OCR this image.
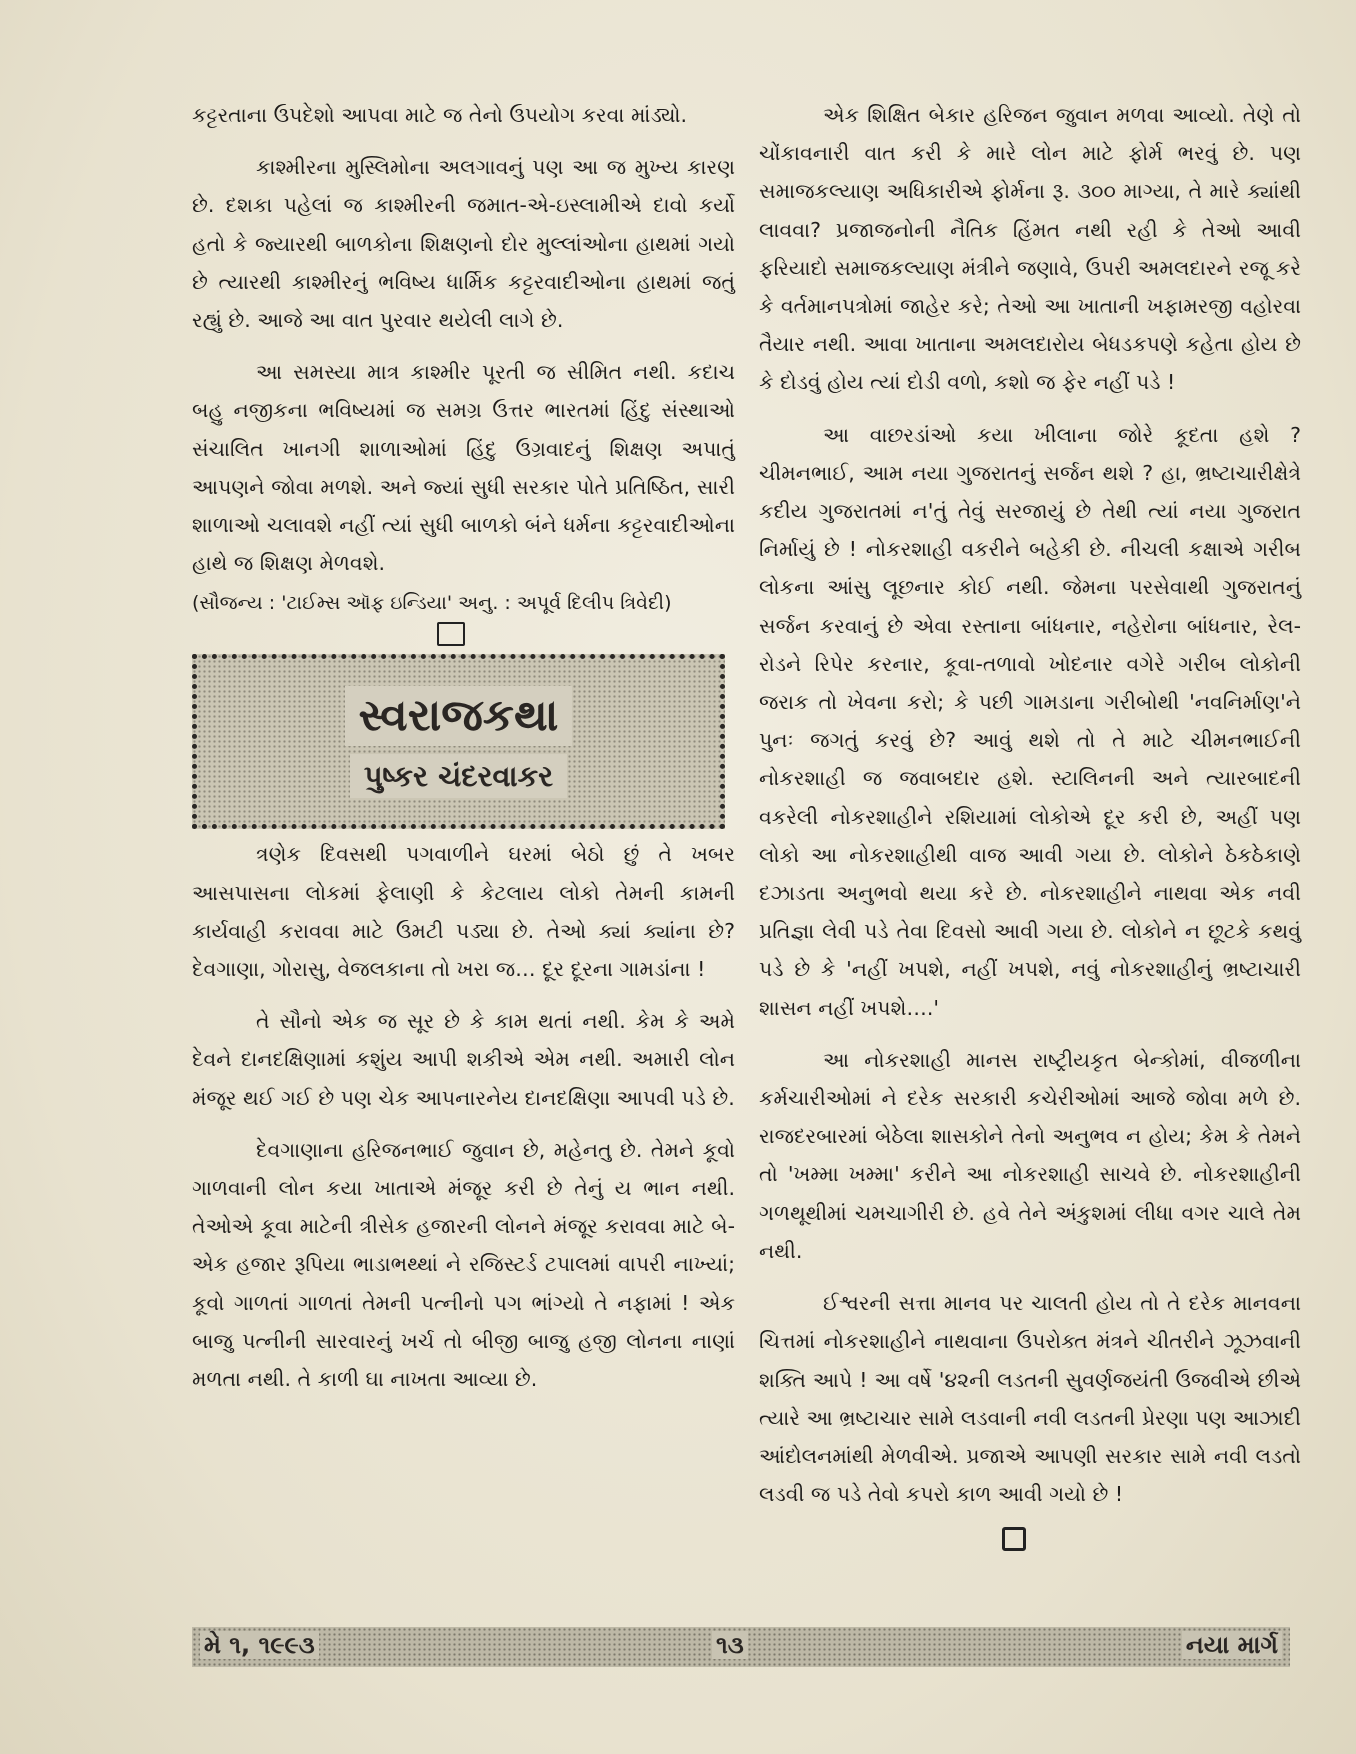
કટ્ટરતાના ઉપદેશો આપવા માટે જ તેનો ઉપયોગ કરવા માંડ્યો.

કાશ્મીરના મુસ્લિમોના અલગાવનું પણ આ જ મુખ્ય કારણ છે. દશકા પહેલાં જ કાશ્મીરની જમાત-એ-ઇસ્લામીએ દાવો કર્યો હતો કે જ્યારથી બાળકોના શિક્ષણનો દોર મુલ્લાંઓના હાથમાં ગયો છે ત્યારથી કાશ્મીરનું ભવિષ્ય ધાર્મિક કટ્ટરવાદીઓના હાથમાં જતું રહ્યું છે. આજે આ વાત પુરવાર થયેલી લાગે છે.

આ સમસ્યા માત્ર કાશ્મીર પૂરતી જ સીમિત નથી. કદાચ બહુ નજીકના ભવિષ્યમાં જ સમગ્ર ઉત્તર ભારતમાં હિંદુ સંસ્થાઓ સંચાલિત ખાનગી શાળાઓમાં હિંદુ ઉગ્રવાદનું શિક્ષણ અપાતું આપણને જોવા મળશે. અને જ્યાં સુધી સરકાર પોતે પ્રતિષ્ઠિત, સારી શાળાઓ ચલાવશે નહીં ત્યાં સુધી બાળકો બંને ધર્મના કટ્ટરવાદીઓના હાથે જ શિક્ષણ મેળવશે.

(સૌજન્ય : 'ટાઈમ્સ ઑફ ઇન્ડિયા' અનુ. : અપૂર્વ દિલીપ ત્રિવેદી)

સ્વરાજકથા
પુષ્કર ચંદરવાકર

ત્રણેક દિવસથી પગવાળીને ઘરમાં બેઠો છું તે ખબર આસપાસના લોકમાં ફેલાણી કે કેટલાય લોકો તેમની કામની કાર્યવાહી કરાવવા માટે ઉમટી પડ્યા છે. તેઓ ક્યાં ક્યાંના છે? દેવગાણા, ગોરાસુ, વેજલકાના તો ખરા જ… દૂર દૂરના ગામડાંના !

તે સૌનો એક જ સૂર છે કે કામ થતાં નથી. કેમ કે અમે દેવને દાનદક્ષિણામાં કશુંય આપી શકીએ એમ નથી. અમારી લોન મંજૂર થઈ ગઈ છે પણ ચેક આપનારનેય દાનદક્ષિણા આપવી પડે છે.

દેવગાણાના હરિજનભાઈ જુવાન છે, મહેનતુ છે. તેમને કૂવો ગાળવાની લોન કયા ખાતાએ મંજૂર કરી છે તેનું ય ભાન નથી. તેઓએ કૂવા માટેની ત્રીસેક હજારની લોનને મંજૂર કરાવવા માટે બે-એક હજાર રૂપિયા ભાડાભથ્થાં ને રજિસ્ટર્ડ ટપાલમાં વાપરી નાખ્યાં; કૂવો ગાળતાં ગાળતાં તેમની પત્નીનો પગ ભાંગ્યો તે નફામાં ! એક બાજુ પત્નીની સારવારનું ખર્ચ તો બીજી બાજુ હજી લોનના નાણાં મળતા નથી. તે કાળી ઘા નાખતા આવ્યા છે.

એક શિક્ષિત બેકાર હરિજન જુવાન મળવા આવ્યો. તેણે તો ચોંકાવનારી વાત કરી કે મારે લોન માટે ફોર્મ ભરવું છે. પણ સમાજકલ્યાણ અધિકારીએ ફોર્મના રૂ. ૩૦૦ માગ્યા, તે મારે ક્યાંથી લાવવા? પ્રજાજનોની નૈતિક હિંમત નથી રહી કે તેઓ આવી ફરિયાદો સમાજકલ્યાણ મંત્રીને જણાવે, ઉપરી અમલદારને રજૂ કરે કે વર્તમાનપત્રોમાં જાહેર કરે; તેઓ આ ખાતાની ખફામરજી વહોરવા તૈયાર નથી. આવા ખાતાના અમલદારોય બેધડકપણે કહેતા હોય છે કે દોડવું હોય ત્યાં દોડી વળો, કશો જ ફેર નહીં પડે !

આ વાછરડાંઓ કયા ખીલાના જોરે કૂદતા હશે ? ચીમનભાઈ, આમ નયા ગુજરાતનું સર્જન થશે ? હા, ભ્રષ્ટાચારીક્ષેત્રે કદીય ગુજરાતમાં ન'તું તેવું સરજાયું છે તેથી ત્યાં નયા ગુજરાત નિર્માયું છે ! નોકરશાહી વકરીને બહેકી છે. નીચલી કક્ષાએ ગરીબ લોકના આંસુ લૂછનાર કોઈ નથી. જેમના પરસેવાથી ગુજરાતનું સર્જન કરવાનું છે એવા રસ્તાના બાંધનાર, નહેરોના બાંધનાર, રેલ-રોડને રિપેર કરનાર, કૂવા-તળાવો ખોદનાર વગેરે ગરીબ લોકોની જરાક તો ખેવના કરો; કે પછી ગામડાના ગરીબોથી 'નવનિર્માણ'ને પુનઃ જગતું કરવું છે? આવું થશે તો તે માટે ચીમનભાઈની નોકરશાહી જ જવાબદાર હશે. સ્ટાલિનની અને ત્યારબાદની વકરેલી નોકરશાહીને રશિયામાં લોકોએ દૂર કરી છે, અહીં પણ લોકો આ નોકરશાહીથી વાજ આવી ગયા છે. લોકોને ઠેકઠેકાણે દઝાડતા અનુભવો થયા કરે છે. નોકરશાહીને નાથવા એક નવી પ્રતિજ્ઞા લેવી પડે તેવા દિવસો આવી ગયા છે. લોકોને ન છૂટકે કથવું પડે છે કે 'નહીં ખપશે, નહીં ખપશે, નવું નોકરશાહીનું ભ્રષ્ટાચારી શાસન નહીં ખપશે….'

આ નોકરશાહી માનસ રાષ્ટ્રીયકૃત બેન્કોમાં, વીજળીના કર્મચારીઓમાં ને દરેક સરકારી કચેરીઓમાં આજે જોવા મળે છે. રાજદરબારમાં બેઠેલા શાસકોને તેનો અનુભવ ન હોય; કેમ કે તેમને તો 'ખમ્મા ખમ્મા' કરીને આ નોકરશાહી સાચવે છે. નોકરશાહીની ગળથૂથીમાં ચમચાગીરી છે. હવે તેને અંકુશમાં લીધા વગર ચાલે તેમ નથી.

ઈશ્વરની સત્તા માનવ પર ચાલતી હોય તો તે દરેક માનવના ચિત્તમાં નોકરશાહીને નાથવાના ઉપરોક્ત મંત્રને ચીતરીને ઝૂઝવાની શક્તિ આપે ! આ વર્ષે '૪૨ની લડતની સુવર્ણજયંતી ઉજવીએ છીએ ત્યારે આ ભ્રષ્ટાચાર સામે લડવાની નવી લડતની પ્રેરણા પણ આઝાદી આંદોલનમાંથી મેળવીએ. પ્રજાએ આપણી સરકાર સામે નવી લડતો લડવી જ પડે તેવો કપરો કાળ આવી ગયો છે !

મે ૧, ૧૯૯૩	૧૩	નયા માર્ગ
